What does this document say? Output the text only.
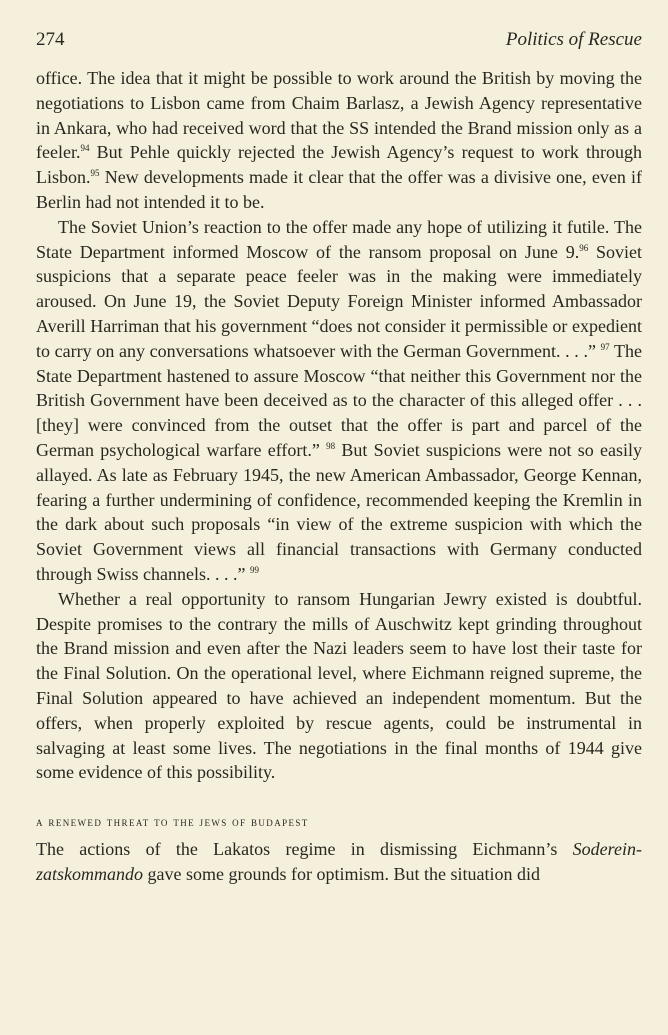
274	Politics of Rescue

office. The idea that it might be possible to work around the British by moving the negotiations to Lisbon came from Chaim Barlasz, a Jewish Agency representative in Ankara, who had received word that the SS intended the Brand mission only as a feeler.$^{94}$ But Pehle quickly rejected the Jewish Agency’s request to work through Lisbon.$^{95}$ New developments made it clear that the offer was a divisive one, even if Berlin had not intended it to be.

The Soviet Union’s reaction to the offer made any hope of utilizing it futile. The State Department informed Moscow of the ransom proposal on June 9.96 Soviet suspicions that a separate peace feeler was in the making were immediately aroused. On June 19, the Soviet Deputy Foreign Minister informed Ambassador Averill Harriman that his government “does not consider it permissible or expedient to carry on any conversations whatsoever with the German Government. . . .” $^{97}$ The State Department hastened to assure Moscow “that neither this Government nor the British Government have been deceived as to the character of this alleged offer . . . [they] were convinced from the outset that the offer is part and parcel of the German psychological warfare effort.” $^{98}$ But Soviet suspicions were not so easily allayed. As late as February 1945, the new American Ambassador, George Kennan, fearing a further undermining of confidence, recommended keeping the Kremlin in the dark about such proposals “in view of the extreme suspicion with which the Soviet Government views all financial transactions with Germany conducted through Swiss channels. . . .” $^{99}$

Whether a real opportunity to ransom Hungarian Jewry existed is doubtful. Despite promises to the contrary the mills of Auschwitz kept grinding throughout the Brand mission and even after the Nazi leaders seem to have lost their taste for the Final Solution. On the operational level, where Eichmann reigned supreme, the Final Solution appeared to have achieved an independent momentum. But the offers, when properly exploited by rescue agents, could be instrumental in salvaging at least some lives. The negotiations in the final months of 1944 give some evidence of this possibility.

a renewed threat to the jews of budapest

The actions of the Lakatos regime in dismissing Eichmann’s Sodereinzatskommando gave some grounds for optimism. But the situation did
